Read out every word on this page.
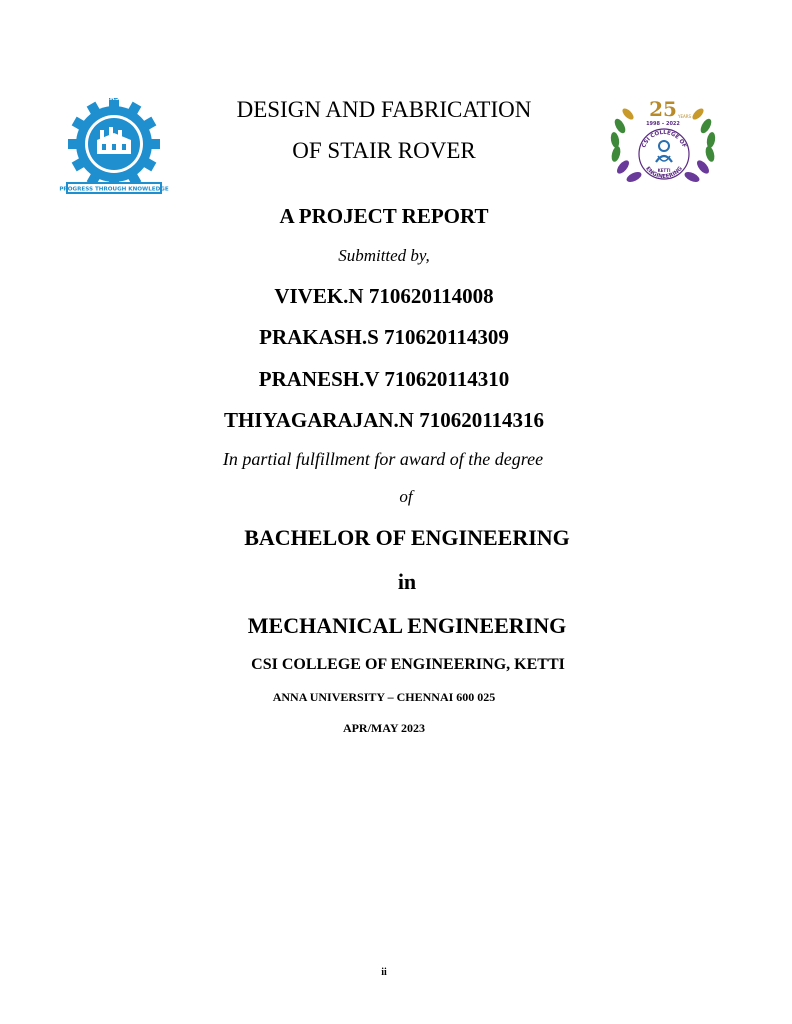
ANNA UNIVERSITY
PROGRESS THROUGH KNOWLEDGE
25 YEARS
1998 – 2022
CSI COLLEGE OF
ENGINEERING
KETTI
DESIGN AND FABRICATION
OF STAIR ROVER
A PROJECT REPORT
Submitted by,
VIVEK.N 710620114008
PRAKASH.S 710620114309
PRANESH.V 710620114310
THIYAGARAJAN.N 710620114316
In partial fulfillment for award of the degree
of
BACHELOR OF ENGINEERING
in
MECHANICAL ENGINEERING
CSI COLLEGE OF ENGINEERING, KETTI
ANNA UNIVERSITY – CHENNAI 600 025
APR/MAY 2023
ii
